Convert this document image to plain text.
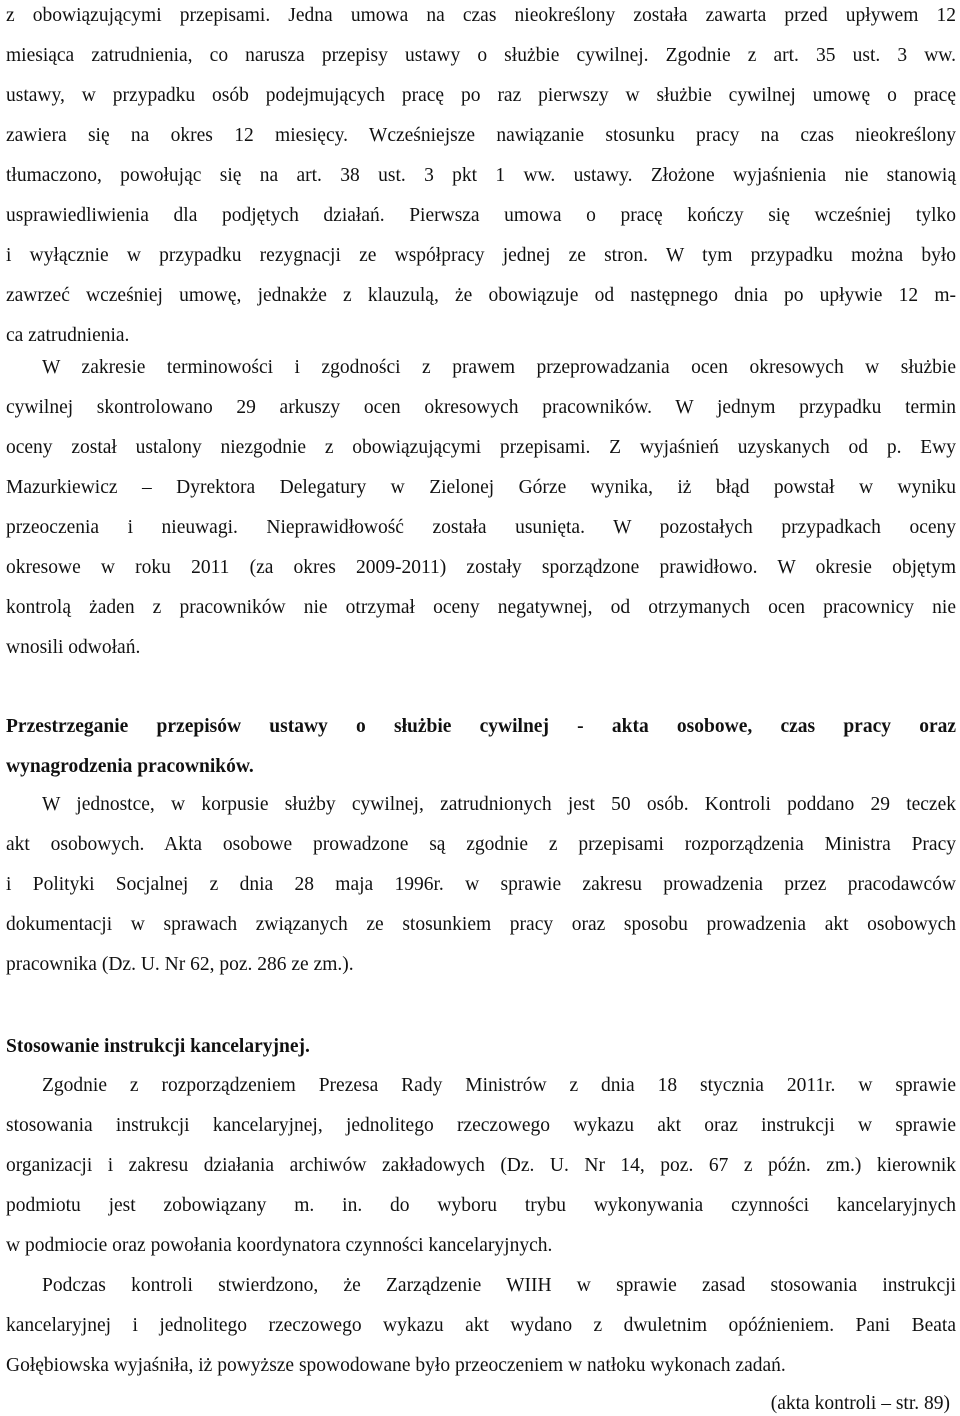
z obowiązującymi przepisami. Jedna umowa na czas nieokreślony została zawarta przed upływem 12
miesiąca zatrudnienia, co narusza przepisy ustawy o służbie cywilnej. Zgodnie z art. 35 ust. 3 ww.
ustawy, w przypadku osób podejmujących pracę po raz pierwszy w służbie cywilnej umowę o pracę
zawiera się na okres 12 miesięcy. Wcześniejsze nawiązanie stosunku pracy na czas nieokreślony
tłumaczono, powołując się na art. 38 ust. 3 pkt 1 ww. ustawy. Złożone wyjaśnienia nie stanowią
usprawiedliwienia dla podjętych działań. Pierwsza umowa o pracę kończy się wcześniej tylko
i wyłącznie w przypadku rezygnacji ze współpracy jednej ze stron. W tym przypadku można było
zawrzeć wcześniej umowę, jednakże z klauzulą, że obowiązuje od następnego dnia po upływie 12 m-
ca zatrudnienia.
W zakresie terminowości i zgodności z prawem przeprowadzania ocen okresowych w służbie
cywilnej skontrolowano 29 arkuszy ocen okresowych pracowników. W jednym przypadku termin
oceny został ustalony niezgodnie z obowiązującymi przepisami. Z wyjaśnień uzyskanych od p. Ewy
Mazurkiewicz – Dyrektora Delegatury w Zielonej Górze wynika, iż błąd powstał w wyniku
przeoczenia i nieuwagi. Nieprawidłowość została usunięta. W pozostałych przypadkach oceny
okresowe w roku 2011 (za okres 2009-2011) zostały sporządzone prawidłowo. W okresie objętym
kontrolą żaden z pracowników nie otrzymał oceny negatywnej, od otrzymanych ocen pracownicy nie
wnosili odwołań.
Przestrzeganie przepisów ustawy o służbie cywilnej - akta osobowe, czas pracy oraz
wynagrodzenia pracowników.
W jednostce, w korpusie służby cywilnej, zatrudnionych jest 50 osób. Kontroli poddano 29 teczek
akt osobowych. Akta osobowe prowadzone są zgodnie z przepisami rozporządzenia Ministra Pracy
i Polityki Socjalnej z dnia 28 maja 1996r. w sprawie zakresu prowadzenia przez pracodawców
dokumentacji w sprawach związanych ze stosunkiem pracy oraz sposobu prowadzenia akt osobowych
pracownika (Dz. U. Nr 62, poz. 286 ze zm.).
Stosowanie instrukcji kancelaryjnej.
Zgodnie z rozporządzeniem Prezesa Rady Ministrów z dnia 18 stycznia 2011r. w sprawie
stosowania instrukcji kancelaryjnej, jednolitego rzeczowego wykazu akt oraz instrukcji w sprawie
organizacji i zakresu działania archiwów zakładowych (Dz. U. Nr 14, poz. 67 z późn. zm.) kierownik
podmiotu jest zobowiązany m. in. do wyboru trybu wykonywania czynności kancelaryjnych
w podmiocie oraz powołania koordynatora czynności kancelaryjnych.
Podczas kontroli stwierdzono, że Zarządzenie WIIH w sprawie zasad stosowania instrukcji
kancelaryjnej i jednolitego rzeczowego wykazu akt wydano z dwuletnim opóźnieniem. Pani Beata
Gołębiowska wyjaśniła, iż powyższe spowodowane było przeoczeniem w natłoku wykonach zadań.
(akta kontroli – str. 89)
